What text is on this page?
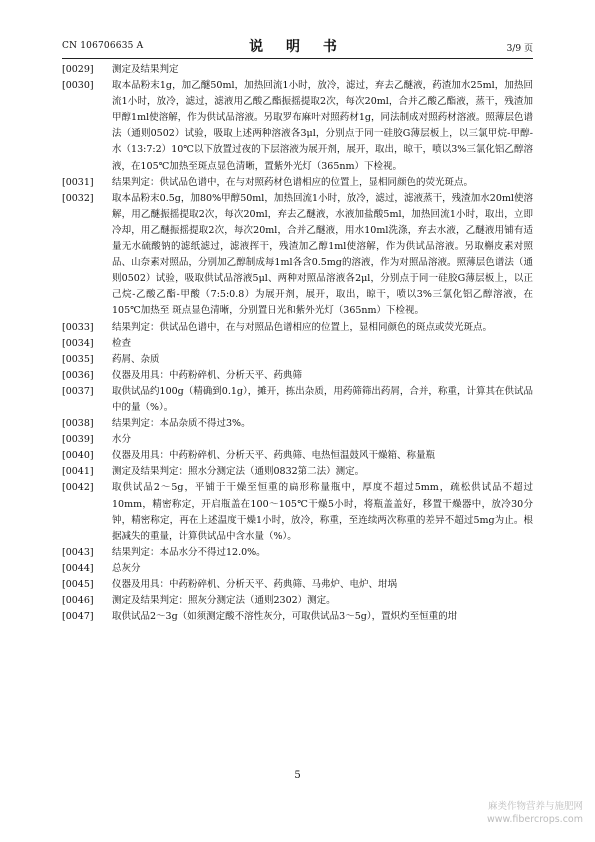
CN 106706635 A	说 明 书	3/9 页
[0029]	测定及结果判定
[0030]	取本品粉末1g，加乙醚50ml，加热回流1小时，放冷，滤过，弃去乙醚液，药渣加水25ml，加热回流1小时，放冷，滤过，滤液用乙酸乙酯振摇提取2次，每次20ml，合并乙酸乙酯液，蒸干，残渣加甲醇1ml使溶解，作为供试品溶液。另取罗布麻叶对照药材1g，同法制成对照药材溶液。照薄层色谱法（通则0502）试验，吸取上述两种溶液各3μl，分别点于同一硅胶G薄层板上，以三氯甲烷-甲醇-水（13:7:2）10℃以下放置过夜的下层溶液为展开剂，展开，取出，晾干，喷以3%三氯化铝乙醇溶液，在105℃加热至斑点显色清晰，置紫外光灯（365nm）下检视。
[0031]	结果判定：供试品色谱中，在与对照药材色谱相应的位置上，显相同颜色的荧光斑点。
[0032]	取本品粉末0.5g，加80%甲醇50ml，加热回流1小时，放冷，滤过，滤液蒸干，残渣加水20ml使溶解，用乙醚振摇提取2次，每次20ml，弃去乙醚液，水液加盐酸5ml，加热回流1小时，取出，立即冷却，用乙醚振摇提取2次，每次20ml，合并乙醚液，用水10ml洗涤，弃去水液，乙醚液用铺有适量无水硫酸钠的滤纸滤过，滤液挥干，残渣加乙醇1ml使溶解，作为供试品溶液。另取槲皮素对照品、山奈素对照品，分别加乙醇制成每1ml各含0.5mg的溶液，作为对照品溶液。照薄层色谱法（通则0502）试验，吸取供试品溶液5μl、两种对照品溶液各2μl，分别点于同一硅胶G薄层板上，以正己烷-乙酸乙酯-甲酸（7:5:0.8）为展开剂，展开，取出，晾干，喷以3%三氯化铝乙醇溶液，在105℃加热至 斑点显色清晰，分别置日光和紫外光灯（365nm）下检视。
[0033]	结果判定：供试品色谱中，在与对照品色谱相应的位置上，显相同颜色的斑点或荧光斑点。
[0034]	检查
[0035]	药屑、杂质
[0036]	仪器及用具：中药粉碎机、分析天平、药典筛
[0037]	取供试品约100g（精确到0.1g），摊开，拣出杂质，用药筛筛出药屑，合并，称重，计算其在供试品中的量（%）。
[0038]	结果判定：本品杂质不得过3%。
[0039]	水分
[0040]	仪器及用具：中药粉碎机、分析天平、药典筛、电热恒温鼓风干燥箱、称量瓶
[0041]	测定及结果判定：照水分测定法（通则0832第二法）测定。
[0042]	取供试品2～5g，平铺于干燥至恒重的扁形称量瓶中，厚度不超过5mm，疏松供试品不超过10mm，精密称定，开启瓶盖在100～105℃干燥5小时，将瓶盖盖好，移置干燥器中，放冷30分钟，精密称定，再在上述温度干燥1小时，放冷，称重，至连续两次称重的差异不超过5mg为止。根据减失的重量，计算供试品中含水量（%）。
[0043]	结果判定：本品水分不得过12.0%。
[0044]	总灰分
[0045]	仪器及用具：中药粉碎机、分析天平、药典筛、马弗炉、电炉、坩埚
[0046]	测定及结果判定：照灰分测定法（通则2302）测定。
[0047]	取供试品2～3g（如须测定酸不溶性灰分，可取供试品3～5g），置炽灼至恒重的坩
5
麻类作物营养与施肥网
www.fibercrops.com
